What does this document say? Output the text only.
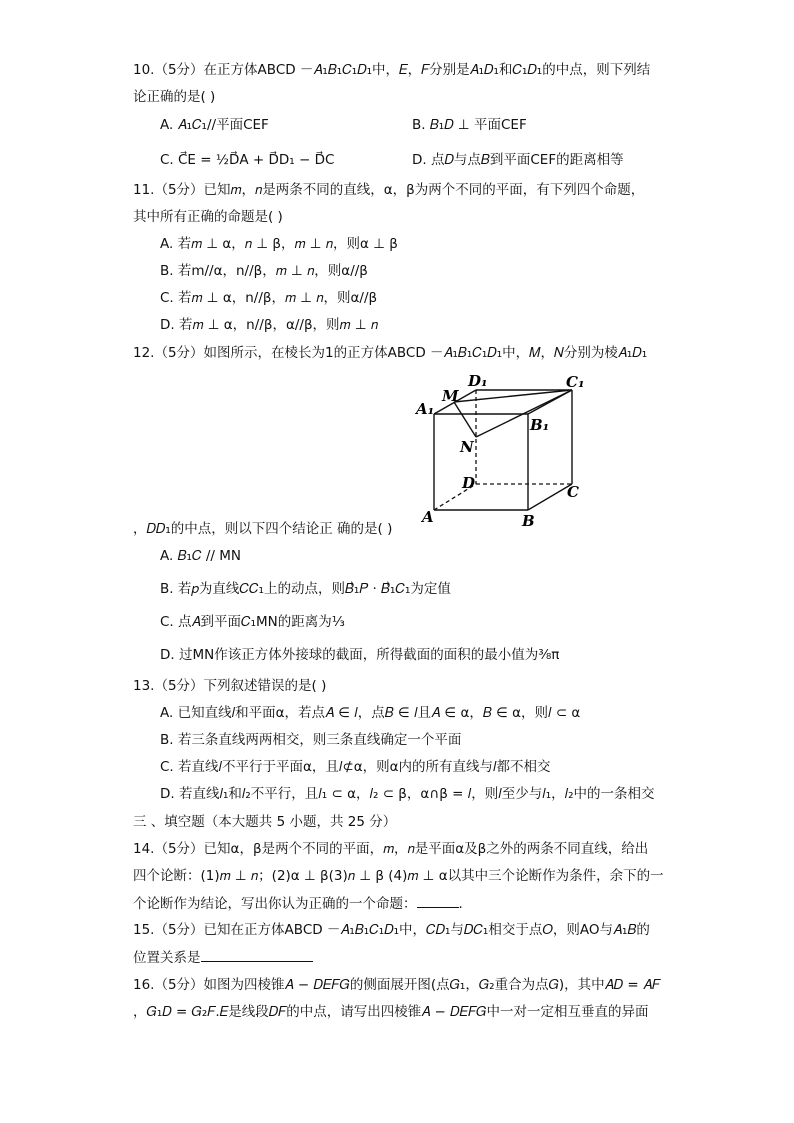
10.（5分）在正方体ABCD －𝐴₁𝐵₁𝐶₁𝐷₁中，𝐸，𝐹分别是𝐴₁𝐷₁和𝐶₁𝐷₁的中点，则下列结
论正确的是( )
A. 𝐴₁𝐶₁//平面CEF	B. 𝐵₁𝐷 ⊥ 平面CEF
C. C⃗E = ½D⃗A + D⃗D₁ − D⃗C	D. 点𝐷与点𝐵到平面CEF的距离相等
11.（5分）已知𝑚，𝑛是两条不同的直线，α，β为两个不同的平面，有下列四个命题，
其中所有正确的命题是( )
A. 若𝑚 ⊥ α，𝑛 ⊥ β，𝑚 ⊥ 𝑛，则α ⊥ β
B. 若m//α，n//β，𝑚 ⊥ 𝑛，则α//β
C. 若𝑚 ⊥ α，n//β，𝑚 ⊥ 𝑛，则α//β
D. 若𝑚 ⊥ α，n//β，α//β，则𝑚 ⊥ 𝑛
12.（5分）如图所示，在棱长为1的正方体ABCD －𝐴₁𝐵₁𝐶₁𝐷₁中，𝑀，𝑁分别为棱𝐴₁𝐷₁
D₁	C₁
M
A₁
B₁
N
D	C
A	B
，𝐷𝐷₁的中点，则以下四个结论正 确的是( )
A. 𝐵₁𝐶 // MN
B. 若𝑝为直线𝐶𝐶₁上的动点，则𝐵⃗₁𝑃 · 𝐵⃗₁𝐶₁为定值
C. 点𝐴到平面𝐶₁MN的距离为⅓
D. 过MN作该正方体外接球的截面，所得截面的面积的最小值为⅜π
13.（5分）下列叙述错误的是( )
A. 已知直线𝑙和平面α，若点𝐴 ∈ 𝑙，点𝐵 ∈ 𝑙且𝐴 ∈ α，𝐵 ∈ α，则𝑙 ⊂ α
B. 若三条直线两两相交，则三条直线确定一个平面
C. 若直线𝑙不平行于平面α，且𝑙⊄α，则α内的所有直线与𝑙都不相交
D. 若直线𝑙₁和𝑙₂不平行，且𝑙₁ ⊂ α，𝑙₂ ⊂ β，α∩β = 𝑙，则𝑙至少与𝑙₁，𝑙₂中的一条相交
三 、填空题（本大题共 5 小题，共 25 分）
14.（5分）已知α，β是两个不同的平面，𝑚，𝑛是平面α及β之外的两条不同直线，给出
四个论断：(1)𝑚 ⊥ 𝑛；(2)α ⊥ β(3)𝑛 ⊥ β (4)𝑚 ⊥ α以其中三个论断作为条件，余下的一
个论断作为结论，写出你认为正确的一个命题：	.
15.（5分）已知在正方体ABCD －𝐴₁𝐵₁𝐶₁𝐷₁中，𝐶𝐷₁与𝐷𝐶₁相交于点𝑂，则AO与𝐴₁𝐵的
位置关系是
16.（5分）如图为四棱锥𝐴 − 𝐷𝐸𝐹𝐺的侧面展开图(点𝐺₁，𝐺₂重合为点𝐺)，其中𝐴𝐷 = 𝐴𝐹
，𝐺₁𝐷 = 𝐺₂𝐹.𝐸是线段𝐷𝐹的中点，请写出四棱锥𝐴 − 𝐷𝐸𝐹𝐺中一对一定相互垂直的异面
